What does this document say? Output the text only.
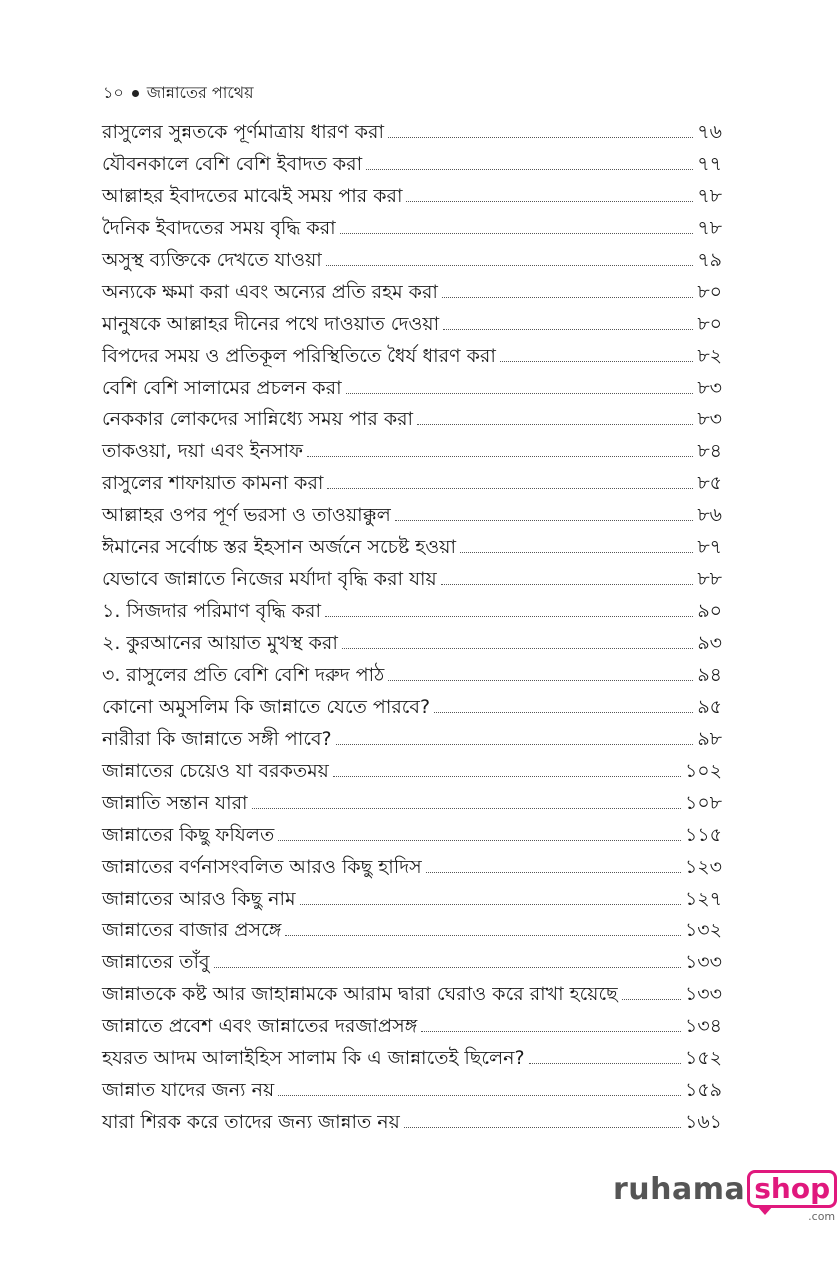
১০ জান্নাতের পাথেয়
রাসুলের সুন্নতকে পূর্ণমাত্রায় ধারণ করা	৭৬
যৌবনকালে বেশি বেশি ইবাদত করা	৭৭
আল্লাহর ইবাদতের মাঝেই সময় পার করা	৭৮
দৈনিক ইবাদতের সময় বৃদ্ধি করা	৭৮
অসুস্থ ব্যক্তিকে দেখতে যাওয়া	৭৯
অন্যকে ক্ষমা করা এবং অন্যের প্রতি রহম করা	৮০
মানুষকে আল্লাহর দীনের পথে দাওয়াত দেওয়া	৮০
বিপদের সময় ও প্রতিকূল পরিস্থিতিতে ধৈর্য ধারণ করা	৮২
বেশি বেশি সালামের প্রচলন করা	৮৩
নেককার লোকদের সান্নিধ্যে সময় পার করা	৮৩
তাকওয়া, দয়া এবং ইনসাফ	৮৪
রাসুলের শাফায়াত কামনা করা	৮৫
আল্লাহর ওপর পূর্ণ ভরসা ও তাওয়াক্কুল	৮৬
ঈমানের সর্বোচ্চ স্তর ইহসান অর্জনে সচেষ্ট হওয়া	৮৭
যেভাবে জান্নাতে নিজের মর্যাদা বৃদ্ধি করা যায়	৮৮
১. সিজদার পরিমাণ বৃদ্ধি করা	৯০
২. কুরআনের আয়াত মুখস্থ করা	৯৩
৩. রাসুলের প্রতি বেশি বেশি দরুদ পাঠ	৯৪
কোনো অমুসলিম কি জান্নাতে যেতে পারবে?	৯৫
নারীরা কি জান্নাতে সঙ্গী পাবে?	৯৮
জান্নাতের চেয়েও যা বরকতময়	১০২
জান্নাতি সন্তান যারা	১০৮
জান্নাতের কিছু ফযিলত	১১৫
জান্নাতের বর্ণনাসংবলিত আরও কিছু হাদিস	১২৩
জান্নাতের আরও কিছু নাম	১২৭
জান্নাতের বাজার প্রসঙ্গে	১৩২
জান্নাতের তাঁবু	১৩৩
জান্নাতকে কষ্ট আর জাহান্নামকে আরাম দ্বারা ঘেরাও করে রাখা হয়েছে	১৩৩
জান্নাতে প্রবেশ এবং জান্নাতের দরজাপ্রসঙ্গ	১৩৪
হযরত আদম আলাইহিস সালাম কি এ জান্নাতেই ছিলেন?	১৫২
জান্নাত যাদের জন্য নয়	১৫৯
যারা শিরক করে তাদের জন্য জান্নাত নয়	১৬১
ruhama shop
.com
